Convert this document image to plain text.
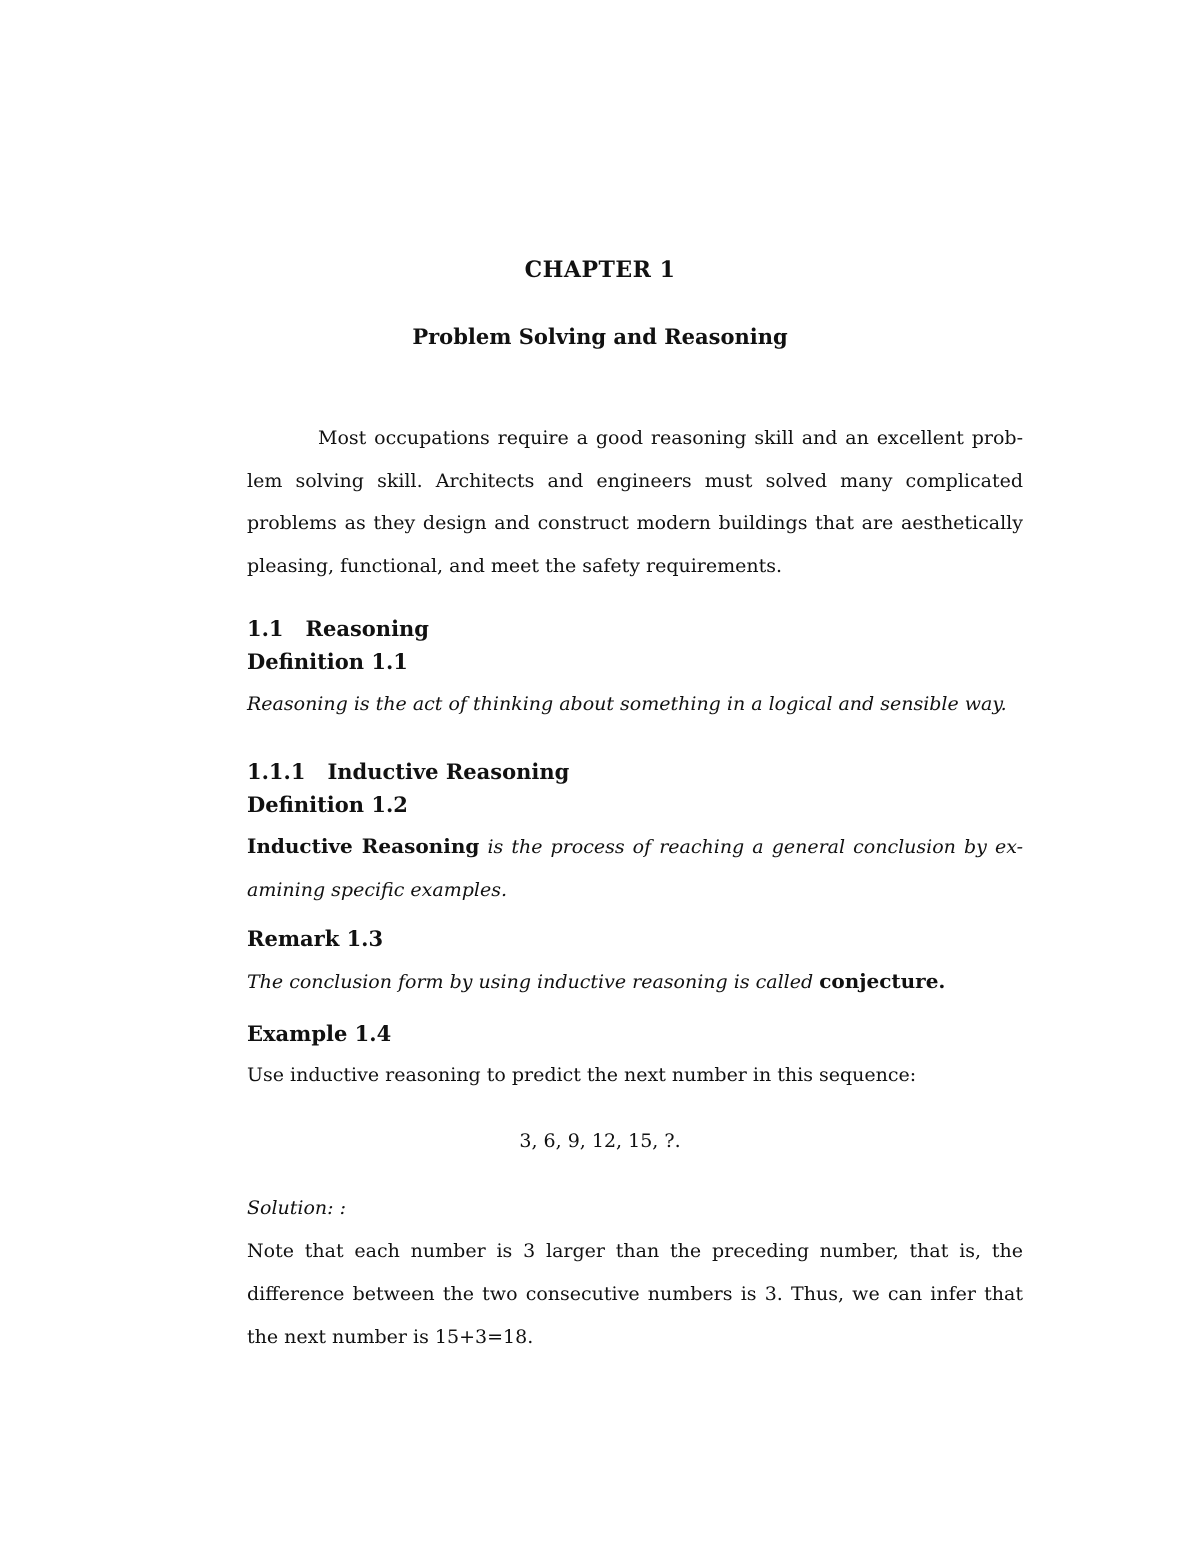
CHAPTER 1
Problem Solving and Reasoning
Most occupations require a good reasoning skill and an excellent prob-
lem solving skill. Architects and engineers must solved many complicated
problems as they design and construct modern buildings that are aesthetically
pleasing, functional, and meet the safety requirements.
1.1 Reasoning
Definition 1.1
Reasoning is the act of thinking about something in a logical and sensible way.
1.1.1 Inductive Reasoning
Definition 1.2
Inductive Reasoning is the process of reaching a general conclusion by ex-
amining specific examples.
Remark 1.3
The conclusion form by using inductive reasoning is called conjecture.
Example 1.4
Use inductive reasoning to predict the next number in this sequence:
3, 6, 9, 12, 15, ?.
Solution: :
Note that each number is 3 larger than the preceding number, that is, the
difference between the two consecutive numbers is 3. Thus, we can infer that
the next number is 15+3=18.
